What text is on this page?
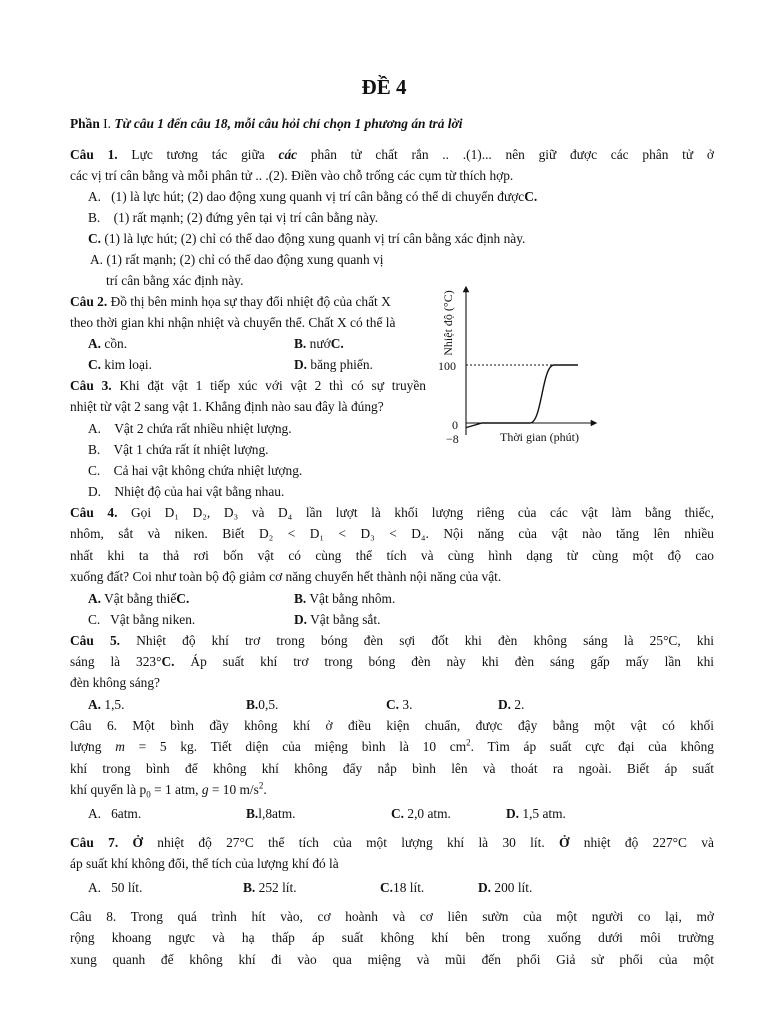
ĐỀ 4
Phần I. Từ câu 1 đến câu 18, mỗi câu hỏi chỉ chọn 1 phương án trả lời
Câu 1. Lực tương tác giữa các phân tử chất rắn .. .(1)... nên giữ được các phân tử ở
các vị trí cân bằng và mỗi phân tử .. .(2). Điền vào chỗ trống các cụm từ thích hợp.
A. (1) là lực hút; (2) dao động xung quanh vị trí cân bằng có thể di chuyển đượcC.
B. (1) rất mạnh; (2) đứng yên tại vị trí cân bằng này.
C. (1) là lực hút; (2) chỉ có thể dao động xung quanh vị trí cân bằng xác định này.
A. (1) rất mạnh; (2) chỉ có thể dao động xung quanh vị
trí cân bằng xác định này.
Câu 2. Đồ thị bên minh họa sự thay đổi nhiệt độ của chất X
theo thời gian khi nhận nhiệt và chuyển thể. Chất X có thể là
A. cồn.	B. nướC.
C. kim loại.	D. băng phiến.
Câu 3. Khi đặt vật 1 tiếp xúc với vật 2 thì có sự truyền
nhiệt từ vật 2 sang vật 1. Khẳng định nào sau đây là đúng?
A. Vật 2 chứa rất nhiều nhiệt lượng.
B. Vật 1 chứa rất ít nhiệt lượng.
C. Cả hai vật không chứa nhiệt lượng.
D. Nhiệt độ của hai vật bằng nhau.
Nhiệt độ (°C)
Thời gian (phút)
100
0
−8
Câu 4. Gọi D₁ D₂, D₃ và D₄ lần lượt là khối lượng riêng của các vật làm bằng thiếc,
nhôm, sắt và niken. Biết D₂ < D₁ < D₃ < D₄. Nội năng của vật nào tăng lên nhiều
nhất khi ta thả rơi bốn vật có cùng thể tích và cùng hình dạng từ cùng một độ cao
xuống đất? Coi như toàn bộ độ giảm cơ năng chuyển hết thành nội năng của vật.
A. Vật bằng thiếC.	B. Vật bằng nhôm.
C. Vật bằng niken.	D. Vật bằng sắt.
Câu 5. Nhiệt độ khí trơ trong bóng đèn sợi đốt khi đèn không sáng là 25°C, khi
sáng là 323°C. Áp suất khí trơ trong bóng đèn này khi đèn sáng gấp mấy lần khi
đèn không sáng?
A. 1,5.	B.0,5.	C. 3.	D. 2.
Câu 6. Một bình đầy không khí ở điều kiện chuẩn, được đậy bằng một vật có khối
lượng m = 5 kg. Tiết diện của miệng bình là 10 $cm^2$. Tìm áp suất cực đại của không
khí trong bình để không khí không đẩy nắp bình lên và thoát ra ngoài. Biết áp suất
khí quyển là $p_0 = 1$ atm, g = 10 $m/s^2$.
A. 6atm.	B.l,8atm.	C. 2,0 atm.	D. 1,5 atm.
Câu 7. Ở nhiệt độ 27°C thể tích của một lượng khí là 30 lít. Ở nhiệt độ 227°C và
áp suất khí không đổi, thể tích của lượng khí đó là
A. 50 lít.	B. 252 lít.	C.18 lít.	D. 200 lít.
Câu 8. Trong quá trình hít vào, cơ hoành và cơ liên sườn của một người co lại, mở
rộng khoang ngực và hạ thấp áp suất không khí bên trong xuống dưới môi trường
xung quanh để không khí đi vào qua miệng và mũi đến phổi Giả sử phổi của một
